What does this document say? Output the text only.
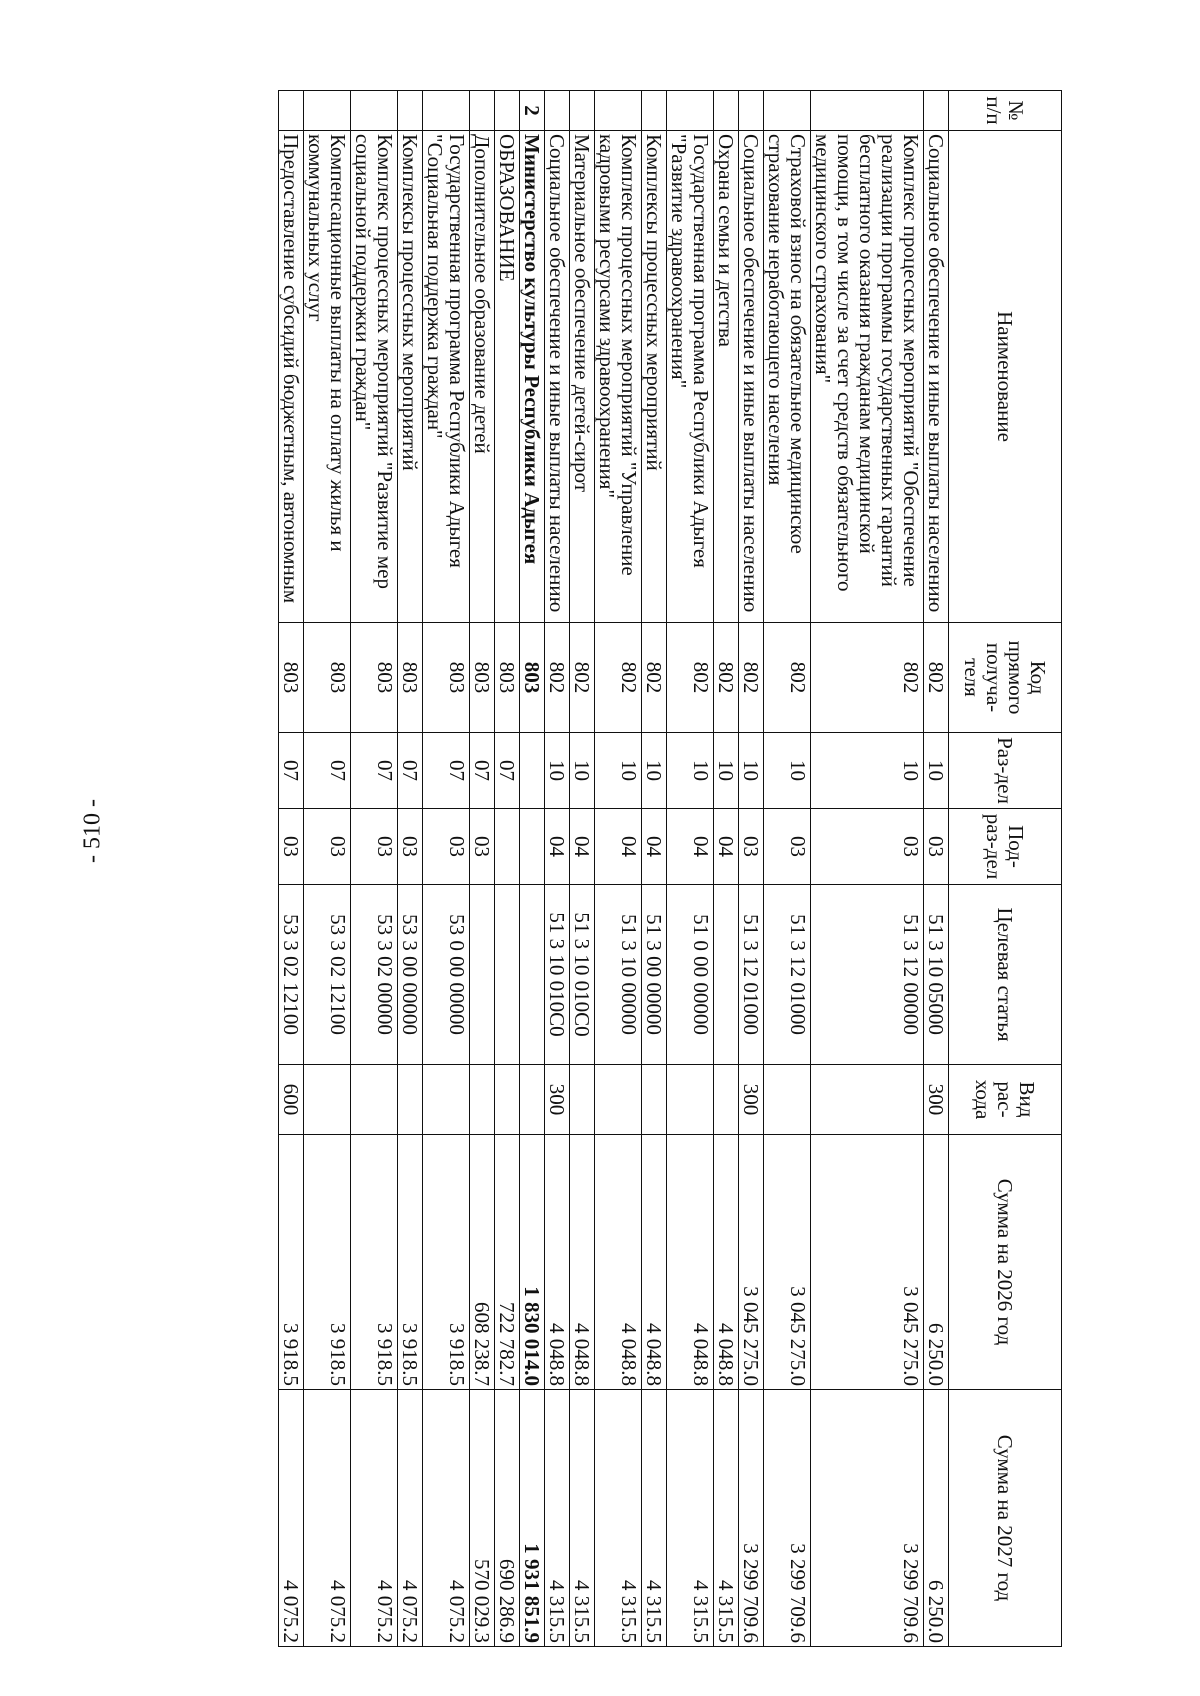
- 510 -
№ п/п	Наименование	Код прямого получа-теля	Раз-дел	Под-раз-дел	Целевая статья	Вид рас-хода	Сумма на 2026 год	Сумма на 2027 год
	Социальное обеспечение и иные выплаты населению	802	10	03	51 3 10 05000	300	6 250.0	6 250.0
	Комплекс процессных мероприятий "Обеспечение реализации программы государственных гарантий бесплатного оказания гражданам медицинской помощи, в том числе за счет средств обязательного медицинского страхования"	802	10	03	51 3 12 00000		3 045 275.0	3 299 709.6
	Страховой взнос на обязательное медицинское страхование неработающего населения	802	10	03	51 3 12 01000		3 045 275.0	3 299 709.6
	Социальное обеспечение и иные выплаты населению	802	10	03	51 3 12 01000	300	3 045 275.0	3 299 709.6
	Охрана семьи и детства	802	10	04			4 048.8	4 315.5
	Государственная программа Республики Адыгея "Развитие здравоохранения"	802	10	04	51 0 00 00000		4 048.8	4 315.5
	Комплексы процессных мероприятий	802	10	04	51 3 00 00000		4 048.8	4 315.5
	Комплекс процессных мероприятий "Управление кадровыми ресурсами здравоохранения"	802	10	04	51 3 10 00000		4 048.8	4 315.5
	Материальное обеспечение детей-сирот	802	10	04	51 3 10 010С0		4 048.8	4 315.5
	Социальное обеспечение и иные выплаты населению	802	10	04	51 3 10 010С0	300	4 048.8	4 315.5
2	Министерство культуры Республики Адыгея	803					1 830 014.0	1 931 851.9
	ОБРАЗОВАНИЕ	803	07				722 782.7	690 286.9
	Дополнительное образование детей	803	07	03			608 238.7	570 029.3
	Государственная программа Республики Адыгея "Социальная поддержка граждан"	803	07	03	53 0 00 00000		3 918.5	4 075.2
	Комплексы процессных мероприятий	803	07	03	53 3 00 00000		3 918.5	4 075.2
	Комплекс процессных мероприятий "Развитие мер социальной поддержки граждан"	803	07	03	53 3 02 00000		3 918.5	4 075.2
	Компенсационные выплаты на оплату жилья и коммунальных услуг	803	07	03	53 3 02 12100		3 918.5	4 075.2
	Предоставление субсидий бюджетным, автономным	803	07	03	53 3 02 12100	600	3 918.5	4 075.2
